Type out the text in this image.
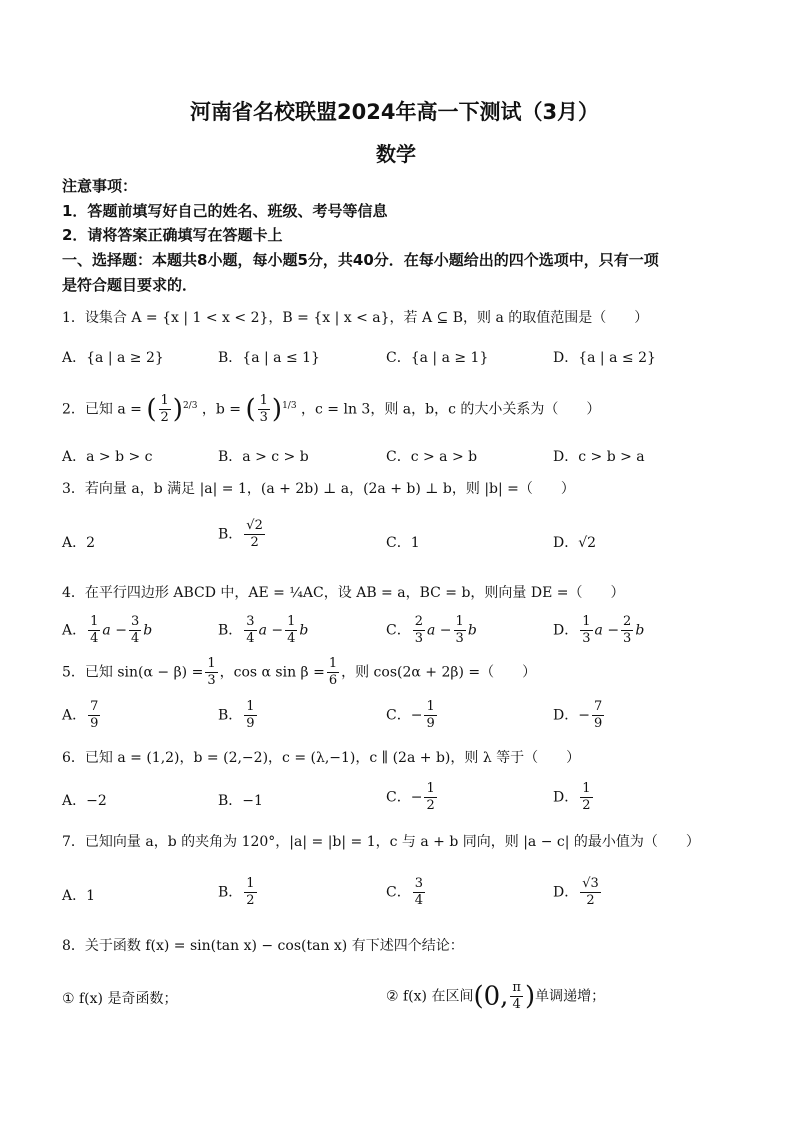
河南省名校联盟2024年高一下测试（3月）
数学
注意事项：
1．答题前填写好自己的姓名、班级、考号等信息
2．请将答案正确填写在答题卡上
一、选择题：本题共8小题，每小题5分，共40分．在每小题给出的四个选项中，只有一项
是符合题目要求的．
1．设集合 A = {x | 1 < x < 2}，B = {x | x < a}，若 A ⊆ B，则 a 的取值范围是（　　）
A．{a | a ≥ 2}	B．{a | a ≤ 1}	C．{a | a ≥ 1}	D．{a | a ≤ 2}
2．已知 a = ( $\frac{1}{2} )^{2/3}$ ，b = ( $\frac{1}{3} )^{1/3}$ ，c = ln 3，则 a，b，c 的大小关系为（　　）
A．a > b > c	B．a > c > b	C．c > a > b	D．c > b > a
3．若向量 a，b 满足 |a| = 1，(a + 2b) ⊥ a，(2a + b) ⊥ b，则 |b| =（　　）
A．2
B． $\frac{√2}{2}$	C．1	D．√2
4．在平行四边形 ABCD 中，AE = ¼AC，设 AB = a，BC = b，则向量 DE =（　　）
A． $\frac{1}{4}$ $a - \frac{3}{4}$ b	B． $\frac{3}{4}$ $a - \frac{1}{4}$ b	C． $\frac{2}{3}$ $a - \frac{1}{3}$ b	D． $\frac{1}{3}$ $a - \frac{2}{3}$ b
5．已知 $\sin(\alpha - \beta) = \frac{1}{3}$ ，cos α $\sin \beta = \frac{1}{6}$ ，则 cos(2α + 2β) =（　　）
A． $\frac{7}{9}$	B． $\frac{1}{9}$	C．− $\frac{1}{9}$	D．− $\frac{7}{9}$
6．已知 a = (1,2)，b = (2,−2)，c = (λ,−1)，c ∥ (2a + b)，则 λ 等于（　　）
A．−2	B．−1	C．− $\frac{1}{2}$	D． $\frac{1}{2}$
7．已知向量 a，b 的夹角为 120°，|a| = |b| = 1，c 与 a + b 同向，则 |a − c| 的最小值为（　　）
A．1	B． $\frac{1}{2}$	C． $\frac{3}{4}$	D． $\frac{√3}{2}$
8．关于函数 f(x) = sin(tan x) − cos(tan x) 有下述四个结论：
① f(x) 是奇函数；	② f(x) 在区间(0, $\frac{\pi}{4}$ )单调递增；
